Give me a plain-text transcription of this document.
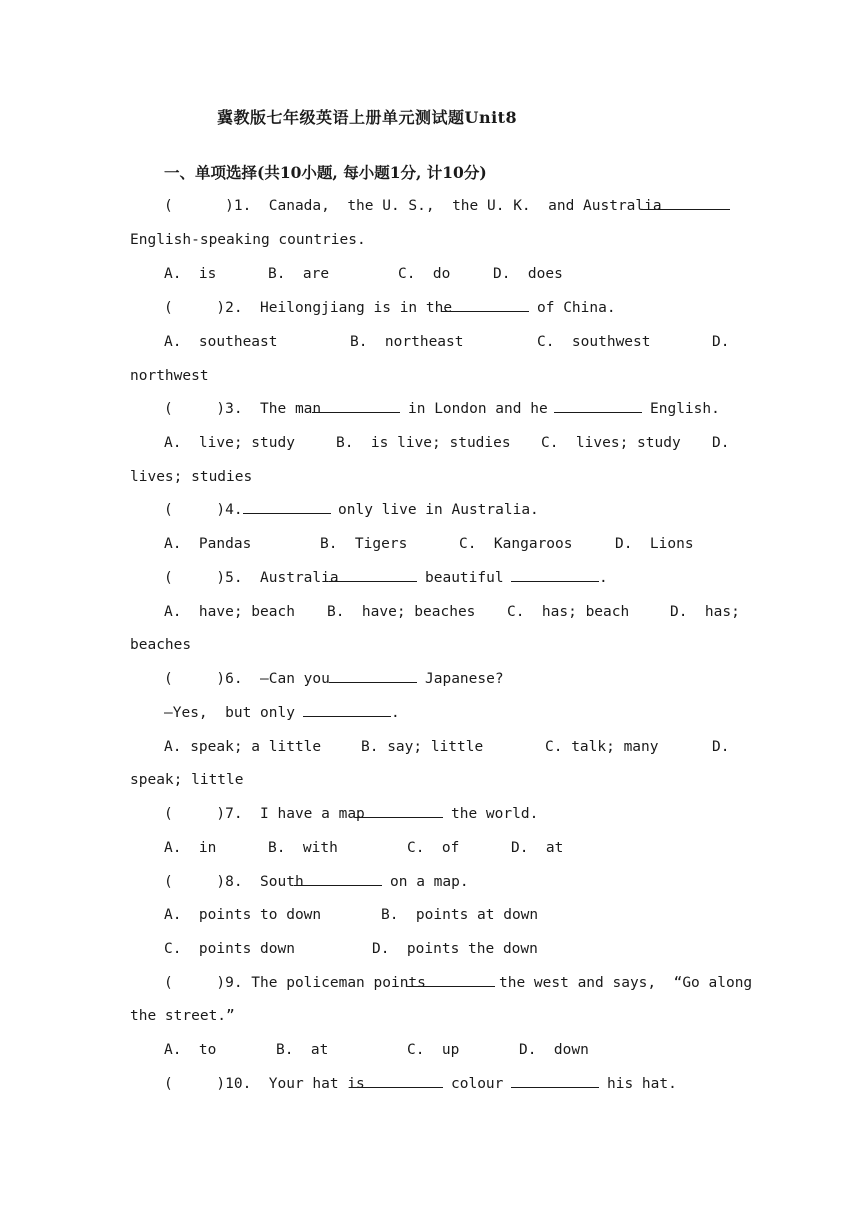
冀教版七年级英语上册单元测试题Unit8
一、单项选择(共10小题, 每小题1分, 计10分)
(      )1.  Canada,  the U. S.,  the U. K.  and Australia
English-speaking countries.
A.  is	B.  are	C.  do	D.  does
(     )2.  Heilongjiang is in the	of China.
A.  southeast	B.  northeast	C.  southwest	D.
northwest
(     )3.  The man	in London and he	English.
A.  live; study	B.  is live; studies C.  lives; study D.
lives; studies
(     )4.	only live in Australia.
A.  Pandas	B.  Tigers	C.  Kangaroos	D.  Lions
(     )5.  Australia	beautiful	.
A.  have; beach B.  have; beaches C.  has; beach	D.  has;
beaches
(     )6.  —Can you	Japanese?
—Yes,  but only	.
A. speak; a little	B. say; little	C. talk; many	D.
speak; little
(     )7.  I have a map	the world.
A.  in	B.  with	C.  of	D.  at
(     )8.  South	on a map.
A.  points to down	B.  points at down
C.  points down	D.  points the down
(     )9. The policeman points	the west and says,  “Go along
the street.”
A.  to	B.  at	C.  up	D.  down
(     )10.  Your hat is	colour	his hat.
